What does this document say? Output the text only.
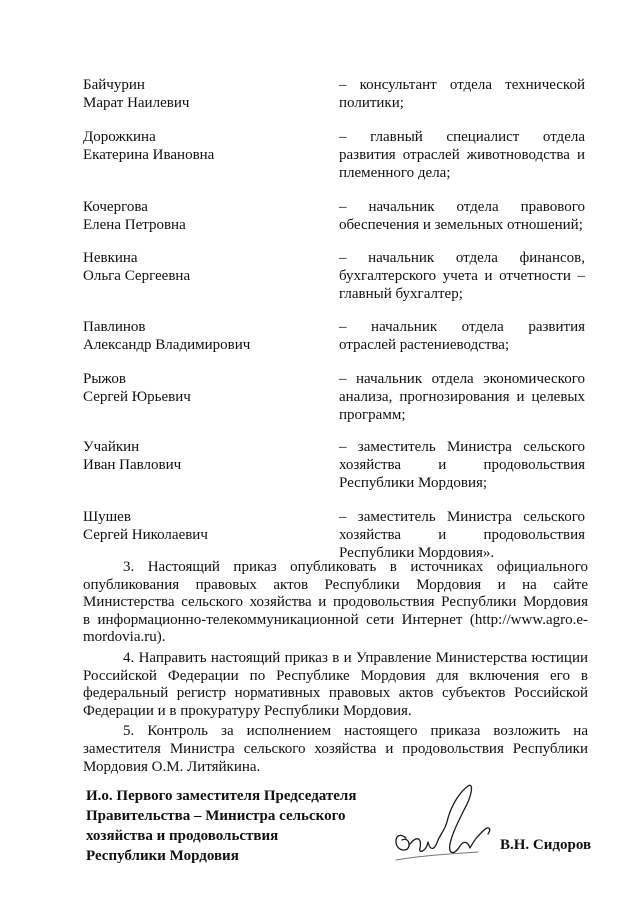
Байчурин
Марат Наилевич
– консультант отдела технической
политики;
Дорожкина
Екатерина Ивановна
– главный специалист отдела
развития отраслей животноводства и
племенного дела;
Кочергова
Елена Петровна
– начальник отдела правового
обеспечения и земельных отношений;
Невкина
Ольга Сергеевна
– начальник отдела финансов,
бухгалтерского учета и отчетности –
главный бухгалтер;
Павлинов
Александр Владимирович
– начальник отдела развития
отраслей растениеводства;
Рыжов
Сергей Юрьевич
– начальник отдела экономического
анализа, прогнозирования и целевых
программ;
Учайкин
Иван Павлович
– заместитель Министра сельского
хозяйства и продовольствия
Республики Мордовия;
Шушев
Сергей Николаевич
– заместитель Министра сельского
хозяйства и продовольствия
Республики Мордовия».
3. Настоящий приказ опубликовать в источниках официального
опубликования правовых актов Республики Мордовия и на сайте
Министерства сельского хозяйства и продовольствия Республики Мордовия
в информационно-телекоммуникационной сети Интернет (http://www.agro.e-
mordovia.ru).
4. Направить настоящий приказ в и Управление Министерства юстиции
Российской Федерации по Республике Мордовия для включения его в
федеральный регистр нормативных правовых актов субъектов Российской
Федерации и в прокуратуру Республики Мордовия.
5. Контроль за исполнением настоящего приказа возложить на
заместителя Министра сельского хозяйства и продовольствия Республики
Мордовия О.М. Литяйкина.
И.о. Первого заместителя Председателя
Правительства – Министра сельского
хозяйства и продовольствия
Республики Мордовия
В.Н. Сидоров
